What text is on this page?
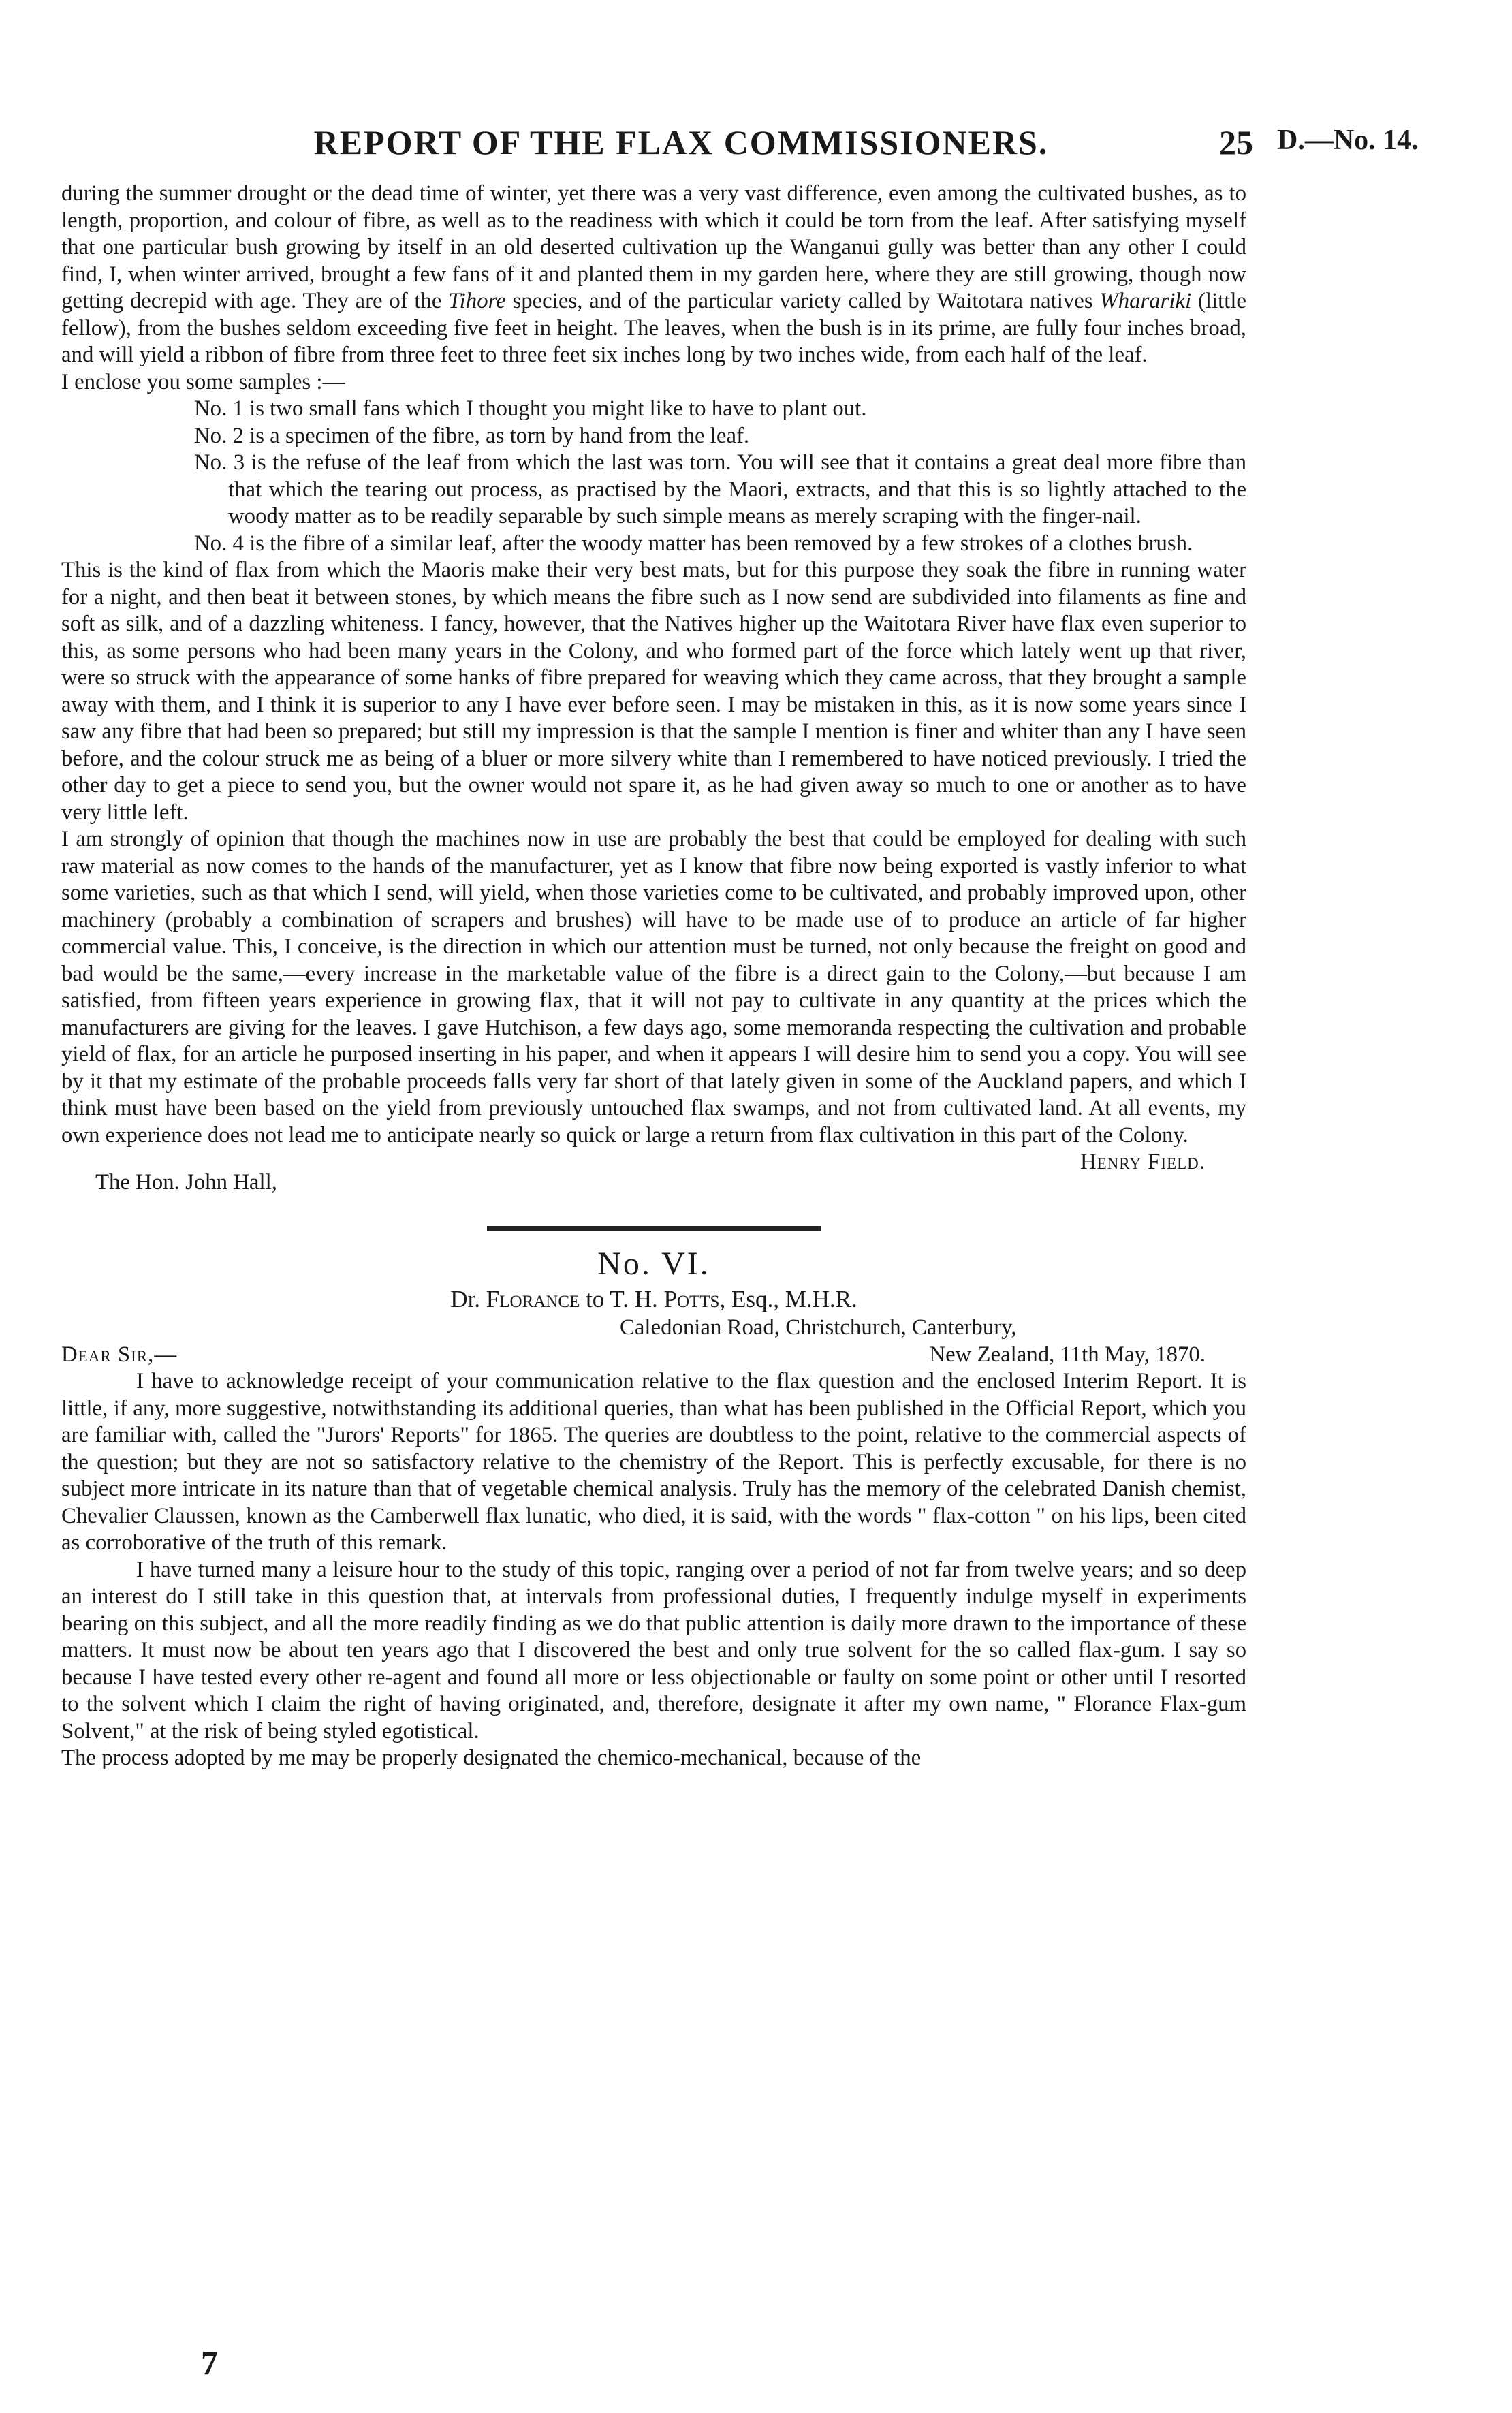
REPORT OF THE FLAX COMMISSIONERS.	25 D.—No. 14.

during the summer drought or the dead time of winter, yet there was a very vast difference, even among the cultivated bushes, as to length, proportion, and colour of fibre, as well as to the readiness with which it could be torn from the leaf. After satisfying myself that one particular bush growing by itself in an old deserted cultivation up the Wanganui gully was better than any other I could find, I, when winter arrived, brought a few fans of it and planted them in my garden here, where they are still growing, though now getting decrepid with age. They are of the Tihore species, and of the particular variety called by Waitotara natives Wharariki (little fellow), from the bushes seldom exceeding five feet in height. The leaves, when the bush is in its prime, are fully four inches broad, and will yield a ribbon of fibre from three feet to three feet six inches long by two inches wide, from each half of the leaf.

I enclose you some samples :—

No. 1 is two small fans which I thought you might like to have to plant out.

No. 2 is a specimen of the fibre, as torn by hand from the leaf.

No. 3 is the refuse of the leaf from which the last was torn. You will see that it contains a great deal more fibre than that which the tearing out process, as practised by the Maori, extracts, and that this is so lightly attached to the woody matter as to be readily separable by such simple means as merely scraping with the finger-nail.

No. 4 is the fibre of a similar leaf, after the woody matter has been removed by a few strokes of a clothes brush.

This is the kind of flax from which the Maoris make their very best mats, but for this purpose they soak the fibre in running water for a night, and then beat it between stones, by which means the fibre such as I now send are subdivided into filaments as fine and soft as silk, and of a dazzling whiteness. I fancy, however, that the Natives higher up the Waitotara River have flax even superior to this, as some persons who had been many years in the Colony, and who formed part of the force which lately went up that river, were so struck with the appearance of some hanks of fibre prepared for weaving which they came across, that they brought a sample away with them, and I think it is superior to any I have ever before seen. I may be mistaken in this, as it is now some years since I saw any fibre that had been so prepared; but still my impression is that the sample I mention is finer and whiter than any I have seen before, and the colour struck me as being of a bluer or more silvery white than I remembered to have noticed previously. I tried the other day to get a piece to send you, but the owner would not spare it, as he had given away so much to one or another as to have very little left.

I am strongly of opinion that though the machines now in use are probably the best that could be employed for dealing with such raw material as now comes to the hands of the manufacturer, yet as I know that fibre now being exported is vastly inferior to what some varieties, such as that which I send, will yield, when those varieties come to be cultivated, and probably improved upon, other machinery (probably a combination of scrapers and brushes) will have to be made use of to produce an article of far higher commercial value. This, I conceive, is the direction in which our attention must be turned, not only because the freight on good and bad would be the same,—every increase in the marketable value of the fibre is a direct gain to the Colony,—but because I am satisfied, from fifteen years experience in growing flax, that it will not pay to cultivate in any quantity at the prices which the manufacturers are giving for the leaves. I gave Hutchison, a few days ago, some memoranda respecting the cultivation and probable yield of flax, for an article he purposed inserting in his paper, and when it appears I will desire him to send you a copy. You will see by it that my estimate of the probable proceeds falls very far short of that lately given in some of the Auckland papers, and which I think must have been based on the yield from previously untouched flax swamps, and not from cultivated land. At all events, my own experience does not lead me to anticipate nearly so quick or large a return from flax cultivation in this part of the Colony.

Henry Field.

The Hon. John Hall,

No. VI.

Dr. Florance to T. H. Potts, Esq., M.H.R.

Caledonian Road, Christchurch, Canterbury,

Dear Sir,—	New Zealand, 11th May, 1870.

I have to acknowledge receipt of your communication relative to the flax question and the enclosed Interim Report. It is little, if any, more suggestive, notwithstanding its additional queries, than what has been published in the Official Report, which you are familiar with, called the "Jurors' Reports" for 1865. The queries are doubtless to the point, relative to the commercial aspects of the question; but they are not so satisfactory relative to the chemistry of the Report. This is perfectly excusable, for there is no subject more intricate in its nature than that of vegetable chemical analysis. Truly has the memory of the celebrated Danish chemist, Chevalier Claussen, known as the Camberwell flax lunatic, who died, it is said, with the words " flax-cotton " on his lips, been cited as corroborative of the truth of this remark.

I have turned many a leisure hour to the study of this topic, ranging over a period of not far from twelve years; and so deep an interest do I still take in this question that, at intervals from professional duties, I frequently indulge myself in experiments bearing on this subject, and all the more readily finding as we do that public attention is daily more drawn to the importance of these matters. It must now be about ten years ago that I discovered the best and only true solvent for the so called flax-gum. I say so because I have tested every other re-agent and found all more or less objectionable or faulty on some point or other until I resorted to the solvent which I claim the right of having originated, and, therefore, designate it after my own name, " Florance Flax-gum Solvent," at the risk of being styled egotistical.

The process adopted by me may be properly designated the chemico-mechanical, because of the

7
